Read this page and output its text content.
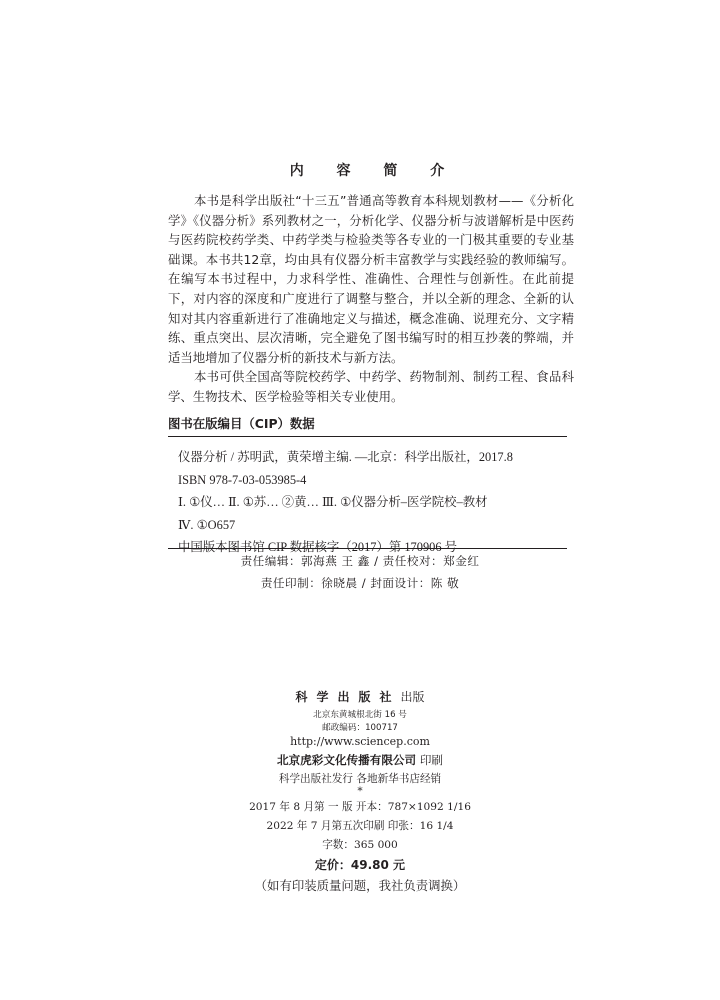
内 容 简 介

本书是科学出版社“十三五”普通高等教育本科规划教材——《分析化学》《仪器分析》系列教材之一，分析化学、仪器分析与波谱解析是中医药与医药院校药学类、中药学类与检验类等各专业的一门极其重要的专业基础课。本书共12章，均由具有仪器分析丰富教学与实践经验的教师编写。在编写本书过程中，力求科学性、准确性、合理性与创新性。在此前提下，对内容的深度和广度进行了调整与整合，并以全新的理念、全新的认知对其内容重新进行了准确地定义与描述，概念准确、说理充分、文字精练、重点突出、层次清晰，完全避免了图书编写时的相互抄袭的弊端，并适当地增加了仪器分析的新技术与新方法。

本书可供全国高等院校药学、中药学、药物制剂、制药工程、食品科学、生物技术、医学检验等相关专业使用。

图书在版编目（CIP）数据
仪器分析 / 苏明武，黄荣增主编. —北京：科学出版社，2017.8
ISBN 978-7-03-053985-4
Ⅰ. ①仪… Ⅱ. ①苏… ②黄… Ⅲ. ①仪器分析–医学院校–教材
Ⅳ. ①O657
中国版本图书馆 CIP 数据核字（2017）第 170906 号
责任编辑：郭海燕 王 鑫 / 责任校对：郑金红
责任印制：徐晓晨 / 封面设计：陈 敬
科学出版社出版
北京东黄城根北街 16 号
邮政编码：100717
http://www.sciencep.com
北京虎彩文化传播有限公司 印刷
科学出版社发行 各地新华书店经销
*
2017 年 8 月第 一 版 开本：787×1092 1/16
2022 年 7 月第五次印刷 印张：16 1/4
字数：365 000
定价：49.80 元
（如有印装质量问题，我社负责调换）
